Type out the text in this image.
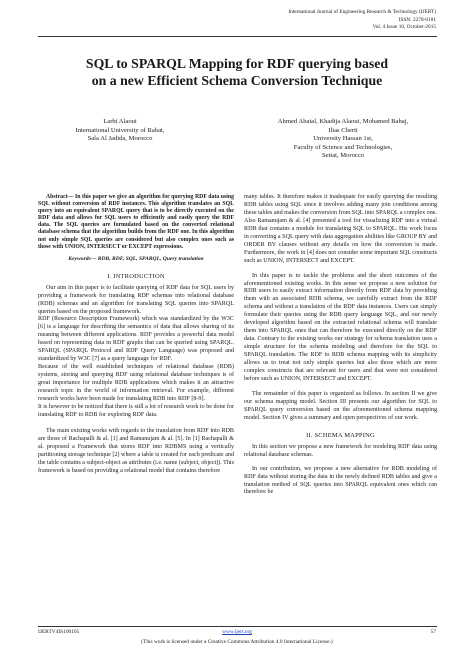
International Journal of Engineering Research & Technology (IJERT)
ISSN: 2278-0181
Vol. 4 Issue 10, October-2015
SQL to SPARQL Mapping for RDF querying based
on a new Efficient Schema Conversion Technique
Larbi Alaoui
International University of Rabat,
Sala Al Jadida, Morocco
Ahmed Abatal, Khadija Alaoui, Mohamed Bahaj,
Ilias Cherti
University Hassan 1st,
Faculty of Science and Technologies,
Settat, Morocco
Abstract— In this paper we give an algorithm for querying RDF data using SQL without conversion of RDF instances. This algorithm translates an SQL query into an equivalent SPARQL query that is to be directly executed on the RDF data and allows for SQL users to efficiently and easily query the RDF data. The SQL queries are formulated based on the converted relational database schema that the algorithm builds from the RDF one. In this algorithm not only simple SQL queries are considered but also complex ones such as those with UNION, INTERSECT or EXCEPT expressions.
Keywords— RDB, RDF, SQL, SPARQL, Query translation
I. INTRODUCTION

Our aim in this paper is to facilitate querying of RDF data for SQL users by providing a framework for translating RDF schemas into relational database (RDB) schemas and an algorithm for translating SQL queries into SPARQL queries based on the proposed framework.

RDF (Resource Description Framework) which was standardized by the W3C [6] is a language for describing the semantics of data that allows sharing of its meaning between different applications. RDF provides a powerful data model based on representing data in RDF graphs that can be queried using SPARQL. SPARQL (SPARQL Protocol and RDF Query Language) was proposed and standardized by W3C [7] as a query language for RDF.

Because of the well established techniques of relational database (RDB) systems, storing and querying RDF using relational database techniques is of great importance for multiple RDB applications which makes it an attractive research topic in the world of information retrieval. For example, different research works have been made for translating RDB into RDF [8-9].

It is however to be noticed that there is still a lot of research work to be done for translating RDF to RDB for exploring RDF data.

The main existing works with regards to the translation from RDF into RDB are those of Rachapalli & al. [1] and Ramanujam & al. [5]. In [1] Rachapalli & al. proposed a Framework that stores RDF into RDBMS using a vertically partitioning storage technique [2] where a table is created for each predicate and the table contains a subject-object as attributes (i.e. name (subject, object)). This framework is based on providing a relational model that contains therefore

many tables. It therefore makes it inadequate for easily querying the resulting RDB tables using SQL since it involves adding many join conditions among these tables and makes the conversion from SQL into SPARQL a complex one. Also Ramanujam & al. [4] presented a tool for visualizing RDF into a virtual RDB that contains a module for translating SQL to SPARQL. His work focus in converting a SQL query with data aggregation abilities like GROUP BY and ORDER BY clauses without any details on how the conversion is made. Furthermore, the work in [4] does not consider some important SQL constructs such as UNION, INTERSECT and EXCEPT.

In this paper is to tackle the problems and the short outcomes of the aforementioned existing works. In this sense we propose a new solution for RDB users to easily extract information directly from RDF data by providing them with an associated RDB schema, we carefully extract from the RDF schema and without a translation of the RDF data instances. Users can simply formulate their queries using the RDB query language SQL, and our newly developed algorithm based on the extracted relational schema will translate them into SPARQL ones that can therefore be executed directly on the RDF data. Contrary to the existing works our strategy for schema translation uses a simple structure for the schema modeling and therefore for the SQL to SPARQL translation. The RDF to RDB schema mapping with its simplicity allows us to treat not only simple queries but also those which are more complex constructs that are relevant for users and that were not considered before such as UNION, INTERSECT and EXCEPT.

The remainder of this paper is organized as follows. In section II we give our schema mapping model. Section III presents our algorithm for SQL to SPARQL query conversion based on the aforementioned schema mapping model. Section IV gives a summary and open perspectives of our work.

II. SCHEMA MAPPING

In this section we propose a new framework for modeling RDF data using relational database schemas.

In our contribution, we propose a new alternative for RDB modeling of RDF data without storing the data in the newly defined RDB tables and give a translation method of SQL queries into SPARQL equivalent ones which can therefore be

IJERTV4IS100105	www.ijert.org	57
(This work is licensed under a Creative Commons Attribution 4.0 International License.)
